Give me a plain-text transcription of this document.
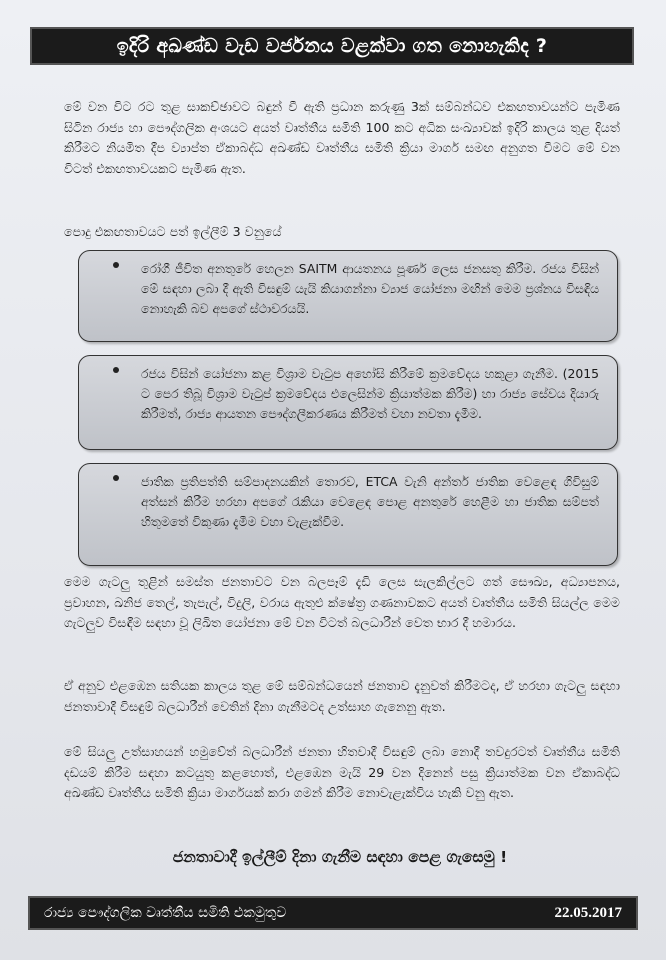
ඉදිරි අඛණ්ඩ වැඩ වර්ජනය වළක්වා ගත නොහැකිද ?
මේ වන විට රට තුළ සාකච්ඡාවට බඳුන් වී ඇති ප්‍රධාන කරුණු 3ක් සම්බන්ධව එකඟතාවයන්ට පැමිණ සිටින රාජ්‍ය හා පෞද්ගලික අංශයට අයත් වෘත්තීය සමිති 100 කට අධික සංඛ්‍යාවක් ඉදිරි කාලය තුළ දියත් කිරීමට නියමිත දීප ව්‍යාප්ත ඒකාබද්ධ අඛණ්ඩ වෘත්තීය සමිති ක්‍රියා මාර්ග සමඟ අනුගත වීමට මේ වන විටත් එකඟතාවයකට පැමිණ ඇත.
පොදු එකඟතාවයට පත් ඉල්ලීම් 3 වනුයේ
රෝගී ජීවිත අනතුරේ හෙලන SAITM ආයතනය පූර්ණ ලෙස ජනසතු කිරීම. රජය විසින් මේ සඳහා ලබා දී ඇති විසඳුම් යැයි කියාගන්නා ව්‍යාජ යෝජනා මඟින් මෙම ප්‍රශ්නය විසඳිය නොහැකි බව අපගේ ස්ථාවරයයි.
රජය විසින් යෝජනා කළ විශ්‍රාම වැටුප අහෝසි කිරීමේ ක්‍රමවේදය හකුළා ගැනීම. (2015 ට පෙර තිබූ විශ්‍රාම වැටුප් ක්‍රමවේදය එලෙසින්ම ක්‍රියාත්මක කිරීම) හා රාජ්‍ය සේවය දියාරු කිරීමත්, රාජ්‍ය ආයතන පෞද්ගලීකරණය කිරීමත් වහා නවතා දැමීම.
ජාතික ප්‍රතිපත්ති සම්පාදනයකින් තොරව, ETCA වැනි අන්තර් ජාතික වෙළෙඳ ගිවිසුම් අත්සන් කිරීම හරහා අපගේ රැකියා වෙළෙඳ පොළ අනතුරේ හෙළීම හා ජාතික සම්පත් හිතුමතේ විකුණා දැමීම වහා වැළැක්වීම.
මෙම ගැටලු තුළින් සමස්ත ජනතාවට වන බලපෑම් දැඩි ලෙස සැලකිල්ලට ගත් සෞඛ්‍ය, අධ්‍යාපනය, ප්‍රවාහන, ඛනිජ තෙල්, තැපැල්, විදුලි, වරාය ඇතුළු ක්ෂේත්‍ර ගණනාවකට අයත් වෘත්තීය සමිති සියල්ල මෙම ගැටලුව විසඳීම සඳහා වූ ලිඛිත යෝජනා මේ වන විටත් බලධාරීන් වෙත භාර දී හමාරය.
ඒ අනුව එළඹෙන සතියක කාලය තුළ මේ සම්බන්ධයෙන් ජනතාව දැනුවත් කිරීමටද, ඒ හරහා ගැටලු සඳහා ජනතාවාදී විසඳුම් බලධාරීන් වෙතින් දිනා ගැනීමටද උත්සාහ ගැනෙනු ඇත.
මේ සියලු උත්සාහයන් හමුවේත් බලධාරීන් ජනතා හිතවාදී විසඳුම් ලබා නොදී තවදුරටත් වෘත්තීය සමිති දඩයම් කිරීම සඳහා කටයුතු කළහොත්, එළඹෙන මැයි 29 වන දිනෙන් පසු ක්‍රියාත්මක වන ඒකාබද්ධ අඛණ්ඩ වෘත්තීය සමිති ක්‍රියා මාර්ගයක් කරා ගමන් කිරීම නොවැළැක්විය හැකි වනු ඇත.
ජනතාවාදී ඉල්ලීම් දිනා ගැනීම සඳහා පෙළ ගැසෙමු !
රාජ්‍ය පෞද්ගලික වෘත්තීය සමිති එකමුතුව	22.05.2017
